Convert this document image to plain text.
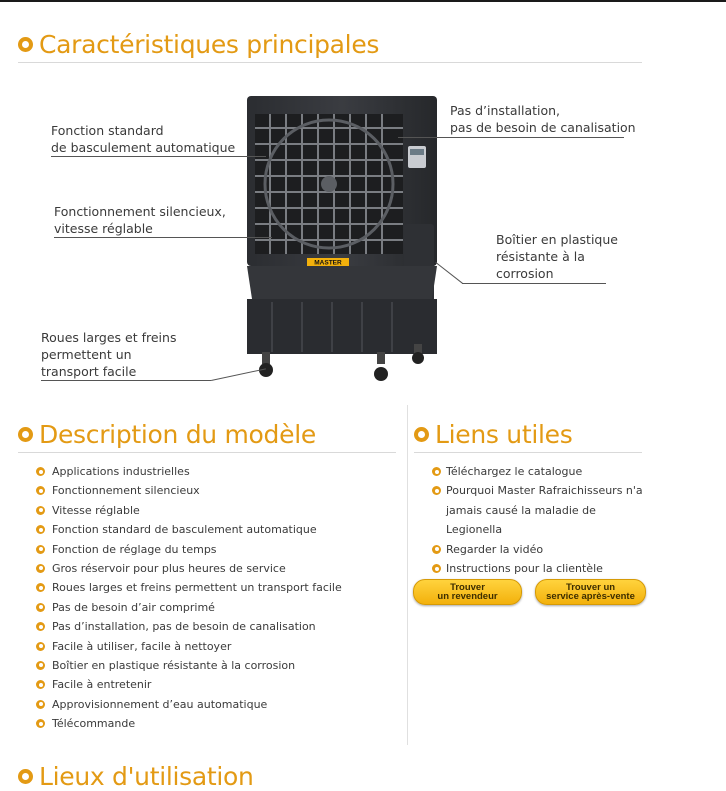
Caractéristiques principales
MASTER
Fonction standard
de basculement automatique
Fonctionnement silencieux,
vitesse réglable
Roues larges et freins
permettent un
transport facile
Pas d’installation,
pas de besoin de canalisation
Boîtier en plastique
résistante à la
corrosion
Description du modèle
Applications industrielles
Fonctionnement silencieux
Vitesse réglable
Fonction standard de basculement automatique
Fonction de réglage du temps
Gros réservoir pour plus heures de service
Roues larges et freins permettent un transport facile
Pas de besoin d’air comprimé
Pas d’installation, pas de besoin de canalisation
Facile à utiliser, facile à nettoyer
Boîtier en plastique résistante à la corrosion
Facile à entretenir
Approvisionnement d’eau automatique
Télécommande
Liens utiles
Téléchargez le catalogue
Pourquoi Master Rafraichisseurs n'a
jamais causé la maladie de Legionella
Regarder la vidéo
Instructions pour la clientèle
Trouver
un revendeur
Trouver un
service après-vente
Lieux d'utilisation
